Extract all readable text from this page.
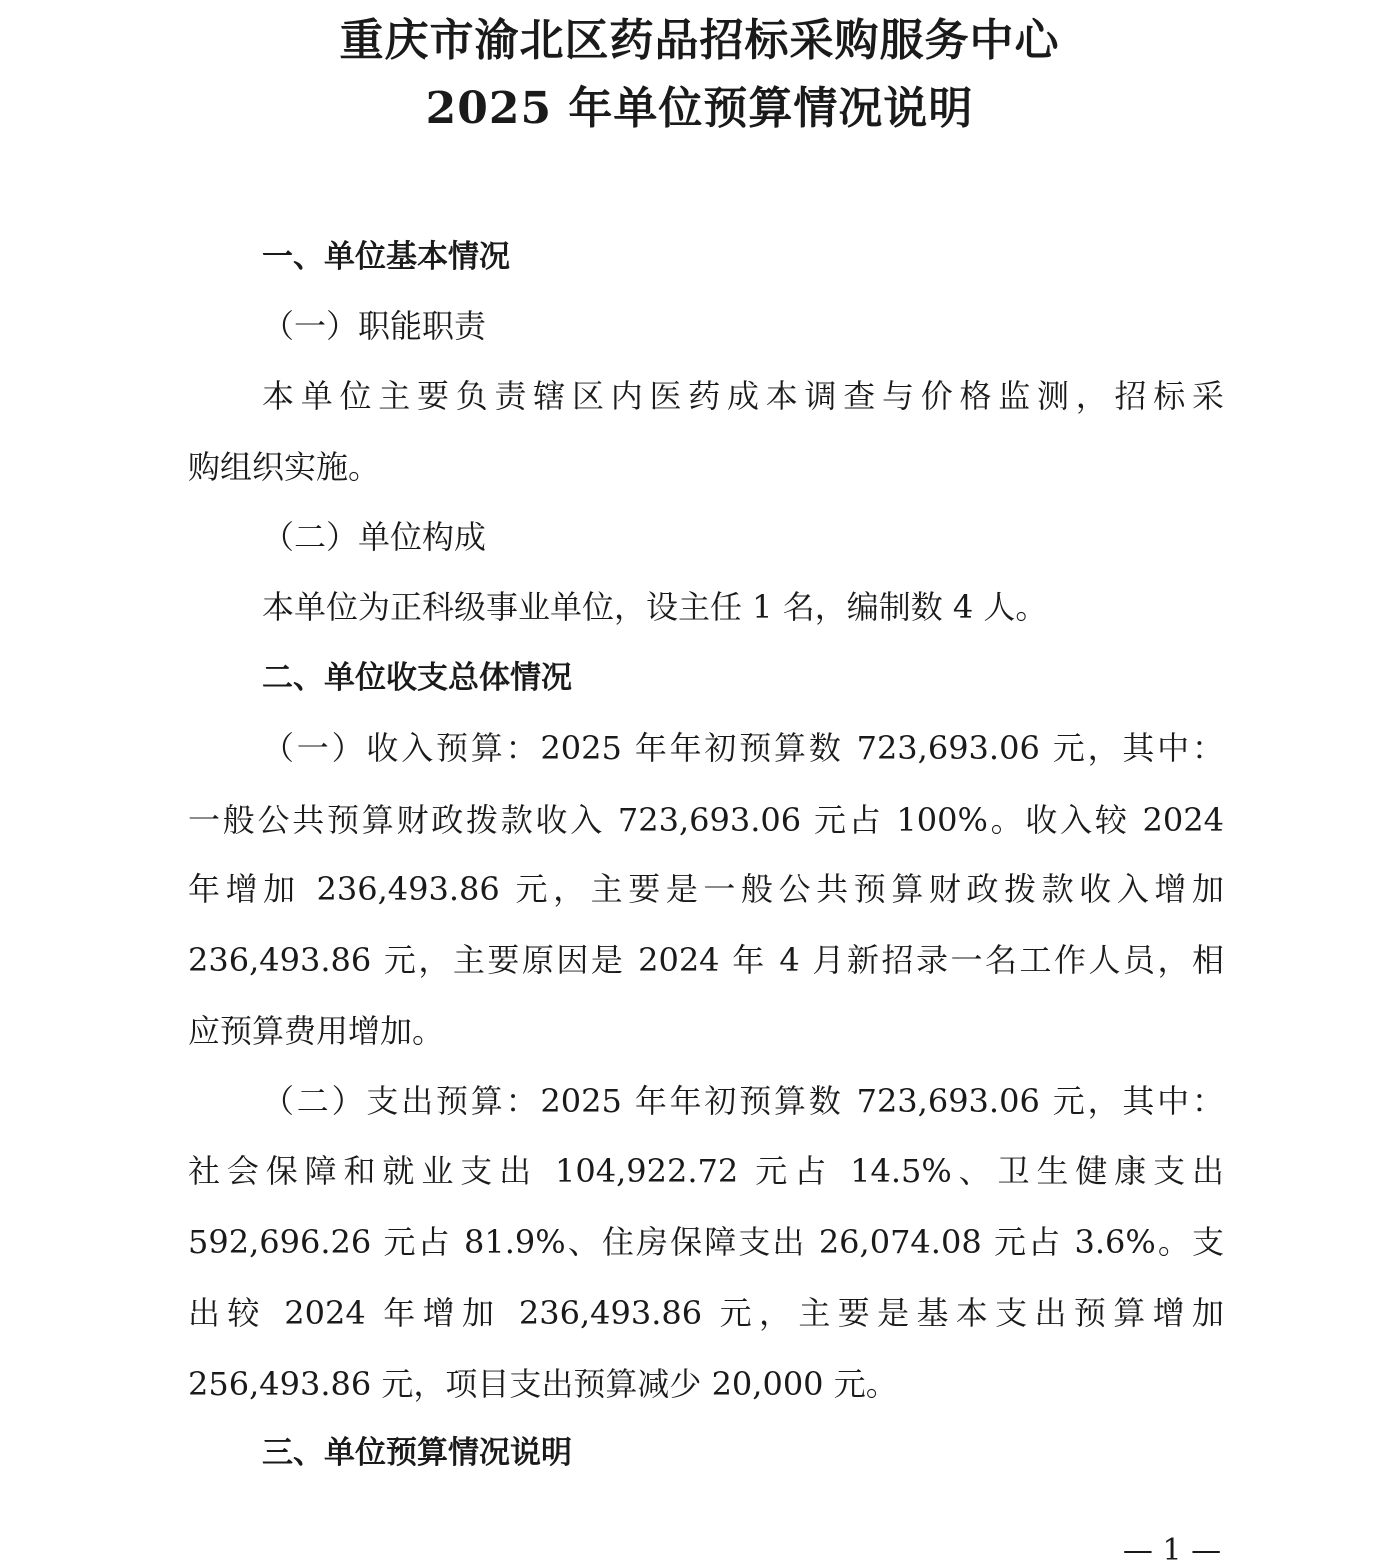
重庆市渝北区药品招标采购服务中心
2025 年单位预算情况说明

一、单位基本情况

（一）职能职责

本单位主要负责辖区内医药成本调查与价格监测，招标采

购组织实施。

（二）单位构成

本单位为正科级事业单位，设主任 1 名，编制数 4 人。

二、单位收支总体情况

（一）收入预算：2025 年年初预算数 723,693.06 元，其中：

一般公共预算财政拨款收入 723,693.06 元占 100%。收入较 2024

年增加 236,493.86 元，主要是一般公共预算财政拨款收入增加

236,493.86 元，主要原因是 2024 年 4 月新招录一名工作人员，相

应预算费用增加。

（二）支出预算：2025 年年初预算数 723,693.06 元，其中：

社会保障和就业支出 104,922.72 元占 14.5%、卫生健康支出

592,696.26 元占 81.9%、住房保障支出 26,074.08 元占 3.6%。支

出较 2024 年增加 236,493.86 元，主要是基本支出预算增加

256,493.86 元，项目支出预算减少 20,000 元。

三、单位预算情况说明

— 1 —
